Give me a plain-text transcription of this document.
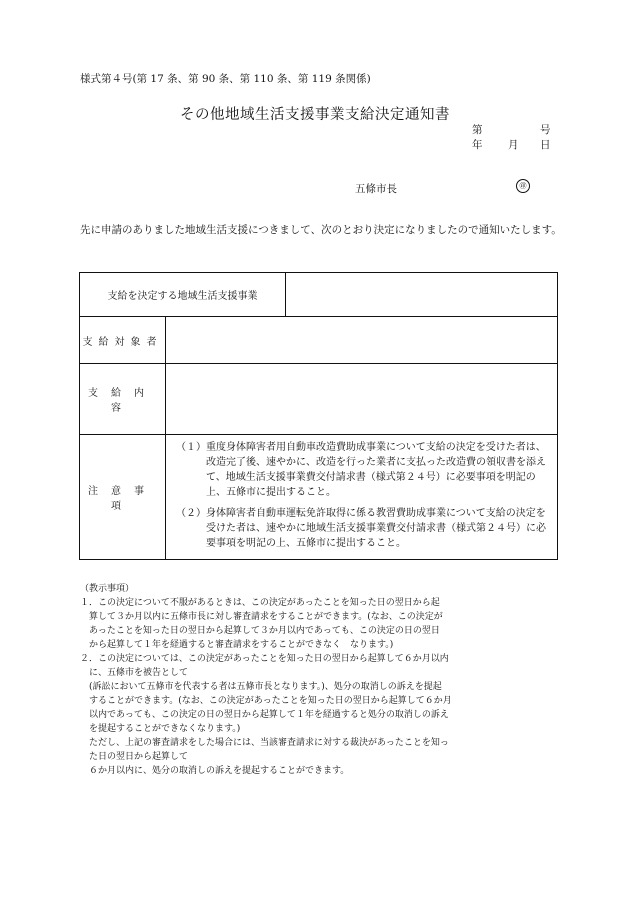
様式第４号(第 17 条、第 90 条、第 110 条、第 119 条関係)
その他地域生活支援事業支給決定通知書
第	号
年	月	日
五條市長	㊞
先に申請のありました地域生活支援につきまして、次のとおり決定になりましたので通知いたします。
支給を決定する地域生活支援事業		
支給対象者		
支給内容		
注意事項	（１） 重度身体障害者用自動車改造費助成事業について支給の決定を受けた者は、改造完了後、速やかに、改造を行った業者に支払った改造費の領収書を添えて、地域生活支援事業費交付請求書（様式第２４号）に必要事項を明記の上、五條市に提出すること。
（２） 身体障害者自動車運転免許取得に係る教習費助成事業について支給の決定を受けた者は、速やかに地域生活支援事業費交付請求書（様式第２４号）に必要事項を明記の上、五條市に提出すること。	
（教示事項）
１．この決定について不服があるときは、この決定があったことを知った日の翌日から起
　算して３か月以内に五條市長に対し審査請求をすることができます。(なお、この決定が
　あったことを知った日の翌日から起算して３か月以内であっても、この決定の日の翌日
　から起算して１年を経過すると審査請求をすることができなく　なります。)
２．この決定については、この決定があったことを知った日の翌日から起算して６か月以内
　に、五條市を被告として
　(訴訟において五條市を代表する者は五條市長となります。)、処分の取消しの訴えを提起
　することができます。(なお、この決定があったことを知った日の翌日から起算して６か月
　以内であっても、この決定の日の翌日から起算して１年を経過すると処分の取消しの訴え
　を提起することができなくなります。)
　ただし、上記の審査請求をした場合には、当該審査請求に対する裁決があったことを知っ
　た日の翌日から起算して
　６か月以内に、処分の取消しの訴えを提起することができます。
